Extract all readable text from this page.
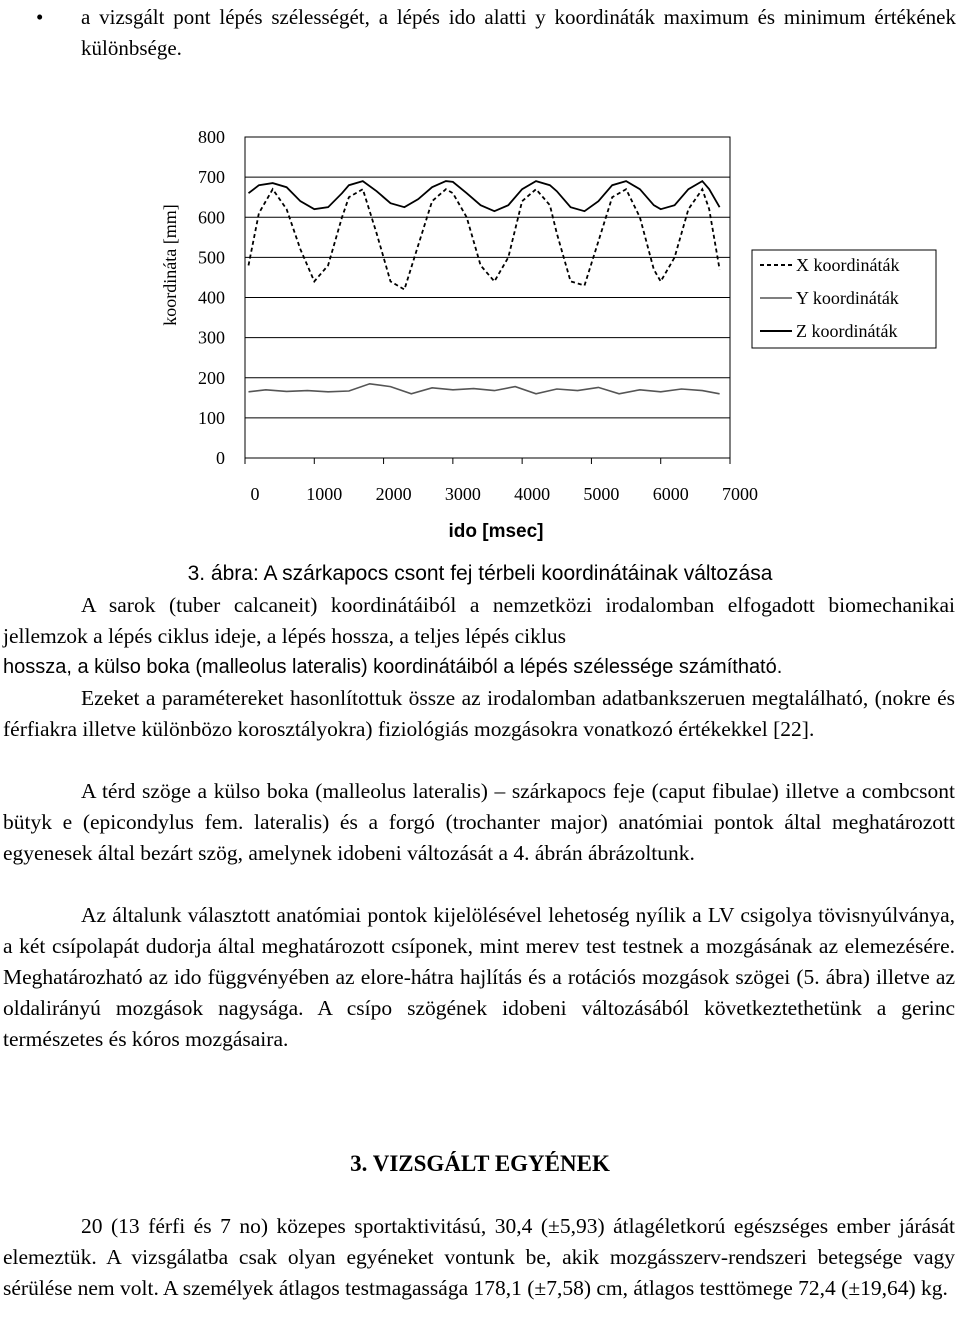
• a vizsgált pont lépés szélességét, a lépés ido alatti y koordináták maximum és minimum értékének különbsége.
0
100
200
300
400
500
600
700
800
0	1000 2000 3000 4000 5000 6000 7000
koordináta [mm]
ido [msec]
X koordináták
Y koordináták
Z koordináták
3. ábra: A szárkapocs csont fej térbeli koordinátáinak változása
A sarok (tuber calcaneit) koordinátáiból a nemzetközi irodalomban elfogadott biomechanikai jellemzok a lépés ciklus ideje, a lépés hossza, a teljes lépés ciklus
hossza, a külso boka (malleolus lateralis) koordinátáiból a lépés szélessége számítható.
Ezeket a paramétereket hasonlítottuk össze az irodalomban adatbankszeruen megtalálható, (nokre és férfiakra illetve különbözo korosztályokra) fiziológiás mozgásokra vonatkozó értékekkel [22].
A térd szöge a külso boka (malleolus lateralis) – szárkapocs feje (caput fibulae) illetve a combcsont bütyk e (epicondylus fem. lateralis) és a forgó (trochanter major) anatómiai pontok által meghatározott egyenesek által bezárt szög, amelynek idobeni változását a 4. ábrán ábrázoltunk.
Az általunk választott anatómiai pontok kijelölésével lehetoség nyílik a LV csigolya tövisnyúlványa, a két csípolapát dudorja által meghatározott csíponek, mint merev test testnek a mozgásának az elemezésére. Meghatározható az ido függvényében az elore-hátra hajlítás és a rotációs mozgások szögei (5. ábra) illetve az oldalirányú mozgások nagysága. A csípo szögének idobeni változásából következtethetünk a gerinc természetes és kóros mozgásaira.
3. VIZSGÁLT EGYÉNEK
20 (13 férfi és 7 no) közepes sportaktivitású, 30,4 (±5,93) átlagéletkorú egészséges ember járását elemeztük. A vizsgálatba csak olyan egyéneket vontunk be, akik mozgásszerv-rendszeri betegsége vagy sérülése nem volt. A személyek átlagos testmagassága 178,1 (±7,58) cm, átlagos testtömege 72,4 (±19,64) kg.
